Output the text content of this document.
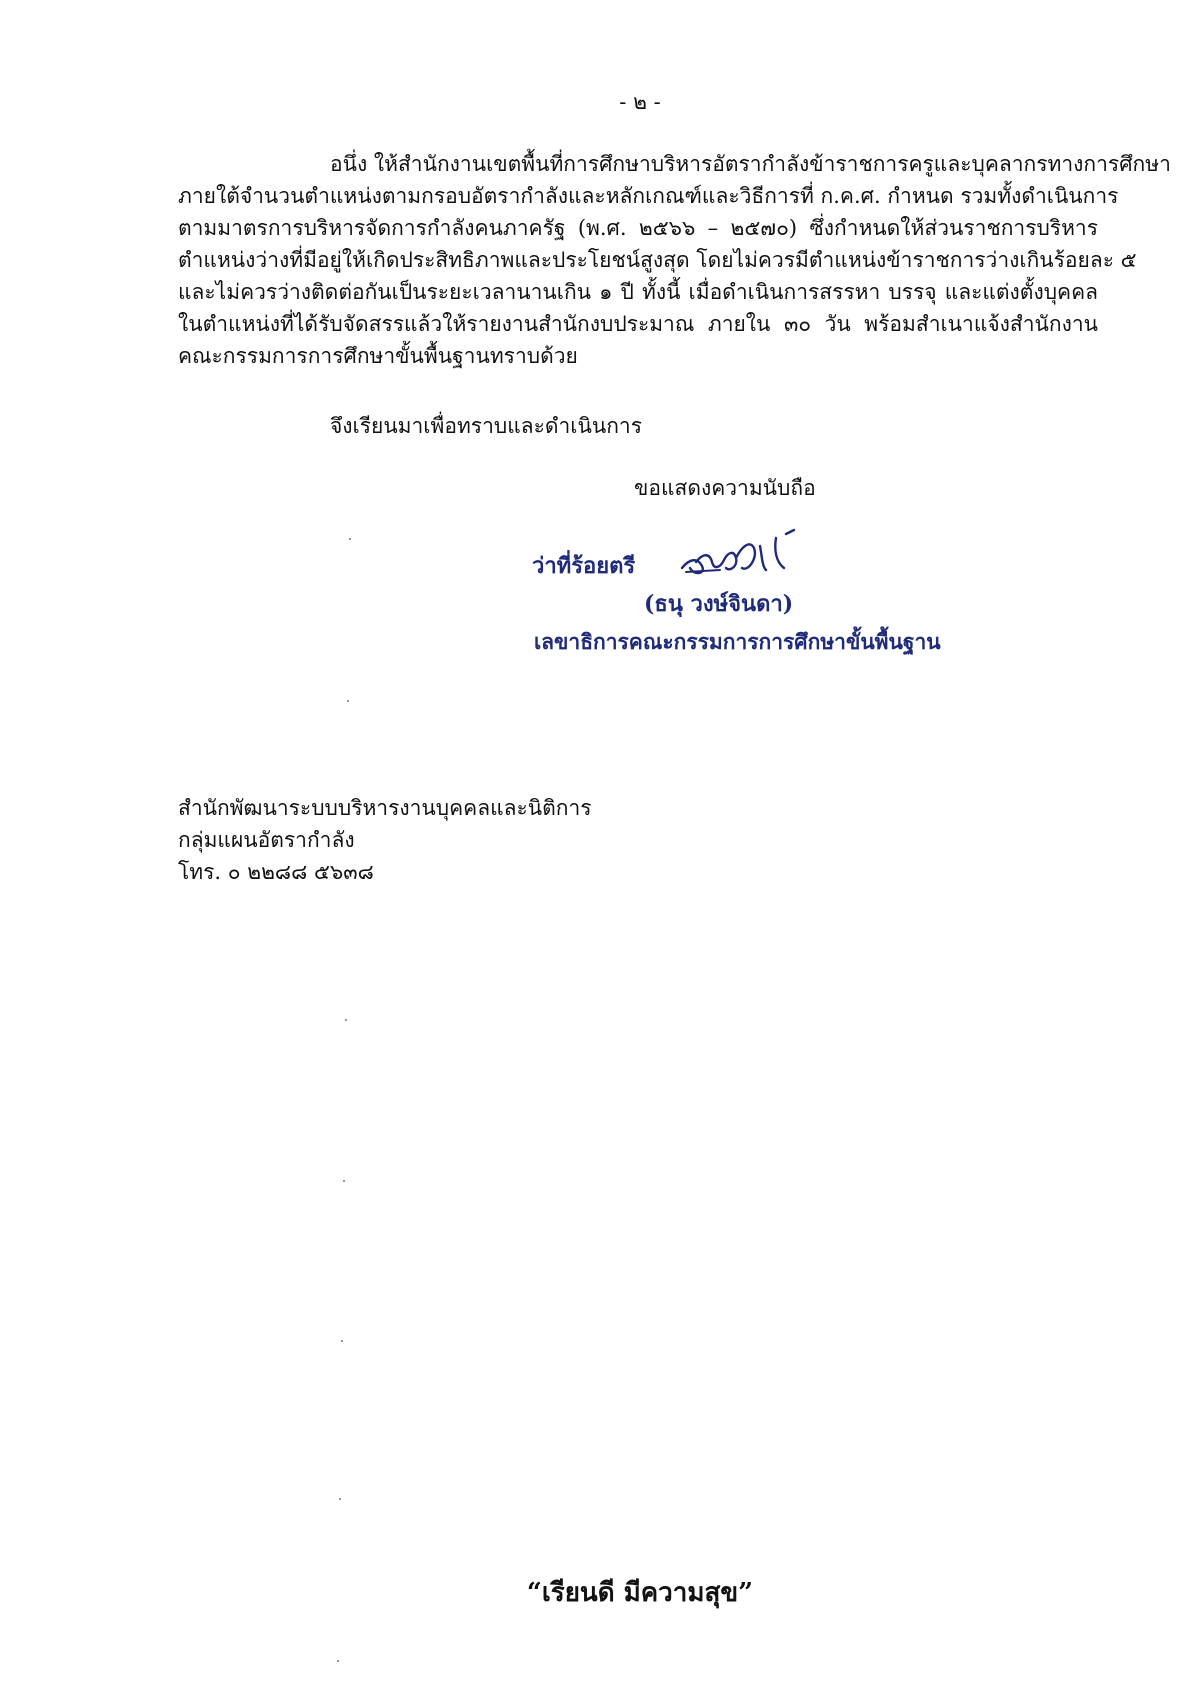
- ๒ -

อนึ่ง ให้สำนักงานเขตพื้นที่การศึกษาบริหารอัตรากำลังข้าราชการครูและบุคลากรทางการศึกษา
ภายใต้จำนวนตำแหน่งตามกรอบอัตรากำลังและหลักเกณฑ์และวิธีการที่ ก.ค.ศ. กำหนด รวมทั้งดำเนินการ
ตามมาตรการบริหารจัดการกำลังคนภาครัฐ (พ.ศ. ๒๕๖๖ – ๒๕๗๐) ซึ่งกำหนดให้ส่วนราชการบริหาร
ตำแหน่งว่างที่มีอยู่ให้เกิดประสิทธิภาพและประโยชน์สูงสุด โดยไม่ควรมีตำแหน่งข้าราชการว่างเกินร้อยละ ๕
และไม่ควรว่างติดต่อกันเป็นระยะเวลานานเกิน ๑ ปี ทั้งนี้ เมื่อดำเนินการสรรหา บรรจุ และแต่งตั้งบุคคล
ในตำแหน่งที่ได้รับจัดสรรแล้วให้รายงานสำนักงบประมาณ ภายใน ๓๐ วัน พร้อมสำเนาแจ้งสำนักงาน
คณะกรรมการการศึกษาขั้นพื้นฐานทราบด้วย

จึงเรียนมาเพื่อทราบและดำเนินการ
ขอแสดงความนับถือ
ว่าที่ร้อยตรี
(ธนุ วงษ์จินดา)
เลขาธิการคณะกรรมการการศึกษาขั้นพื้นฐาน
สำนักพัฒนาระบบบริหารงานบุคคลและนิติการ
กลุ่มแผนอัตรากำลัง
โทร. ๐ ๒๒๘๘ ๕๖๓๘
“เรียนดี มีความสุข”
